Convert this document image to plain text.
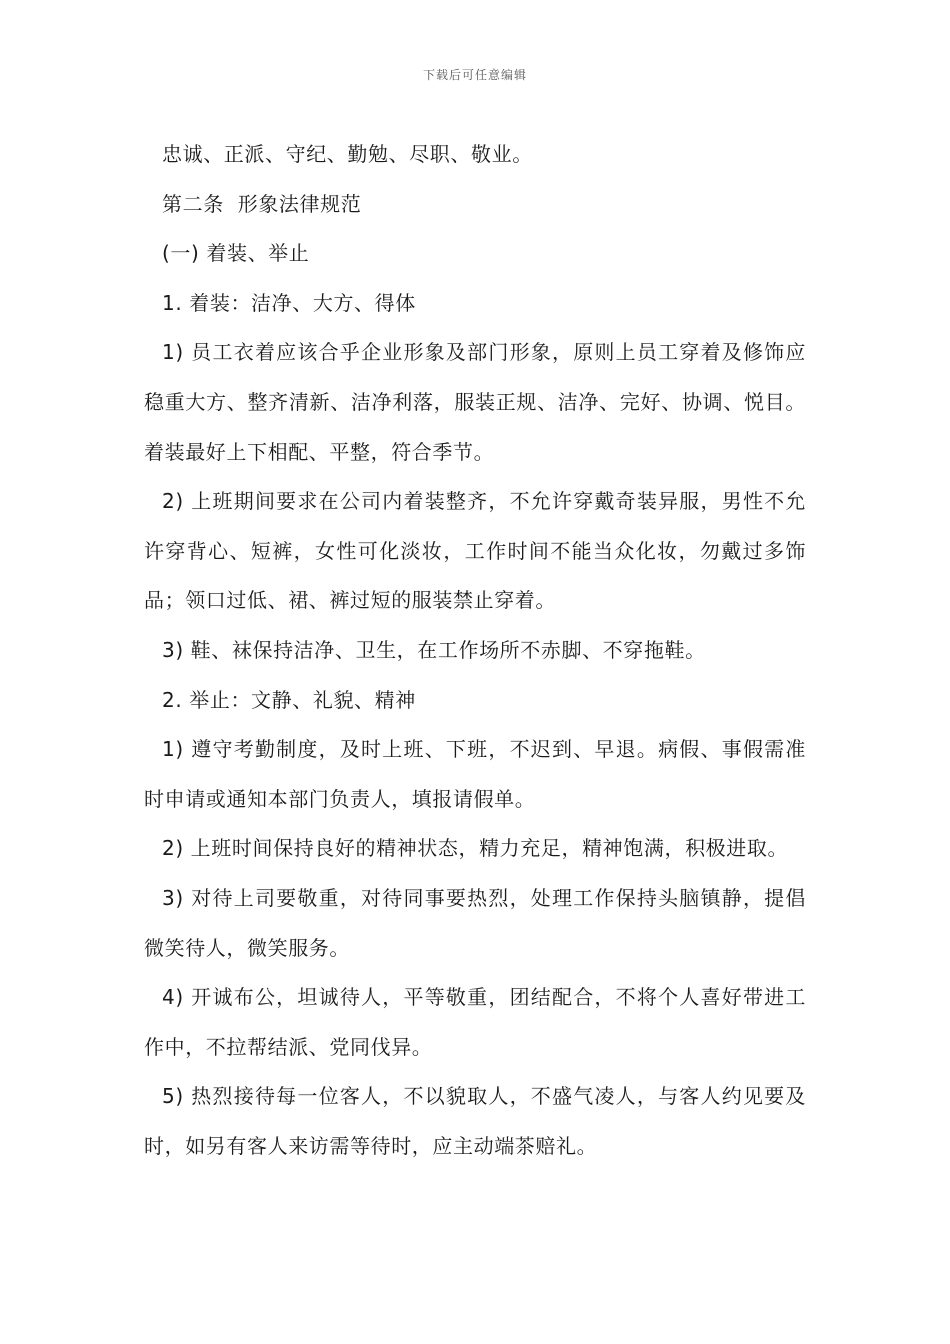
下载后可任意编辑

忠诚、正派、守纪、勤勉、尽职、敬业。

第二条  形象法律规范

(一) 着装、举止

1. 着装：洁净、大方、得体

1) 员工衣着应该合乎企业形象及部门形象，原则上员工穿着及修饰应稳重大方、整齐清新、洁净利落，服装正规、洁净、完好、协调、悦目。着装最好上下相配、平整，符合季节。

2) 上班期间要求在公司内着装整齐，不允许穿戴奇装异服，男性不允许穿背心、短裤，女性可化淡妆，工作时间不能当众化妆，勿戴过多饰品；领口过低、裙、裤过短的服装禁止穿着。

3) 鞋、袜保持洁净、卫生，在工作场所不赤脚、不穿拖鞋。

2. 举止：文静、礼貌、精神

1) 遵守考勤制度，及时上班、下班，不迟到、早退。病假、事假需准时申请或通知本部门负责人，填报请假单。

2) 上班时间保持良好的精神状态，精力充足，精神饱满，积极进取。

3) 对待上司要敬重，对待同事要热烈，处理工作保持头脑镇静，提倡微笑待人，微笑服务。

4) 开诚布公，坦诚待人，平等敬重，团结配合，不将个人喜好带进工作中，不拉帮结派、党同伐异。

5) 热烈接待每一位客人，不以貌取人，不盛气凌人，与客人约见要及时，如另有客人来访需等待时，应主动端茶赔礼。
